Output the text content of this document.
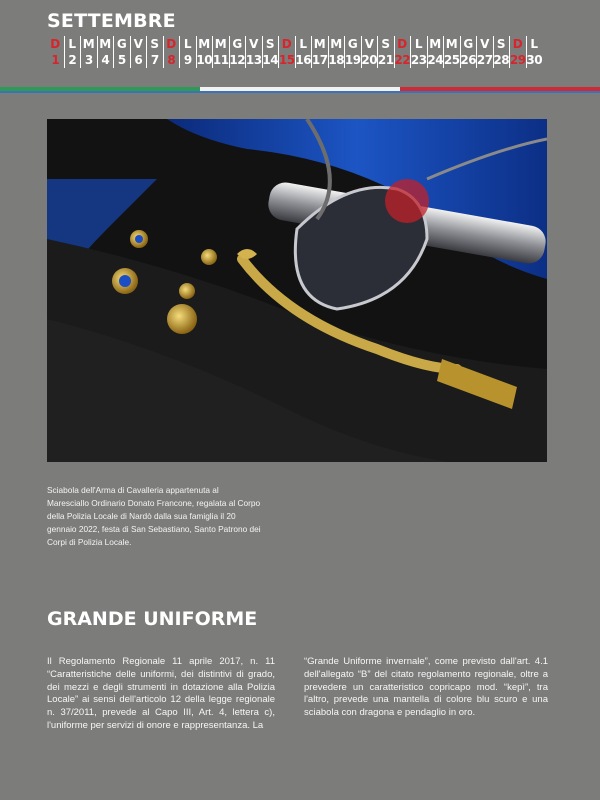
SETTEMBRE
D
1
L
2
M
3
M
4
G
5
V
6
S
7
D
8
L
9
M
10
M
11
G
12
V
13
S
14
D
15
L
16
M
17
M
18
G
19
V
20
S
21
D
22
L
23
M
24
M
25
G
26
V
27
S
28
D
29
L
30

Sciabola dell'Arma di Cavalleria appartenuta al Maresciallo Ordinario Donato Francone, regalata al Corpo della Polizia Locale di Nardò dalla sua famiglia il 20 gennaio 2022, festa di San Sebastiano, Santo Patrono dei Corpi di Polizia Locale.

GRANDE UNIFORME

Il Regolamento Regionale 11 aprile 2017, n. 11 “Caratteristiche delle uniformi, dei distintivi di grado, dei mezzi e degli strumenti in dotazione alla Polizia Locale” ai sensi dell'articolo 12 della legge regionale n. 37/2011, prevede al Capo III, Art. 4, lettera c), l'uniforme per servizi di onore e rappresentanza. La

“Grande Uniforme invernale”, come previsto dall'art. 4.1 dell'allegato “B” del citato regolamento regionale, oltre a prevedere un caratteristico copricapo mod. “kepì”, tra l'altro, prevede una mantella di colore blu scuro e una sciabola con dragona e pendaglio in oro.
